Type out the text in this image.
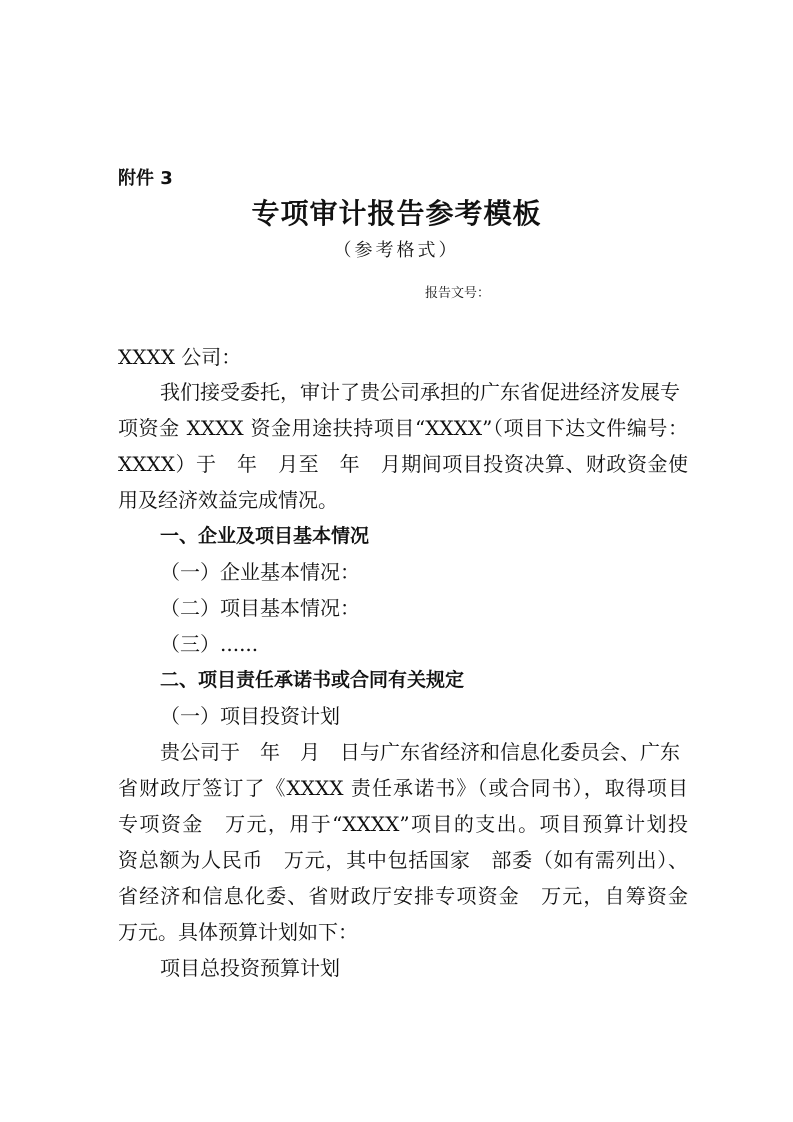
附件 3
专项审计报告参考模板
（参考格式）
报告文号：
XXXX 公司：
我们接受委托，审计了贵公司承担的广东省促进经济发展专
项资金 XXXX 资金用途扶持项目“XXXX”（项目下达文件编号：
XXXX）于　年　月至　年　月期间项目投资决算、财政资金使
用及经济效益完成情况。
一、企业及项目基本情况
（一）企业基本情况：
（二）项目基本情况：
（三）......
二、项目责任承诺书或合同有关规定
（一）项目投资计划
贵公司于　年　月　日与广东省经济和信息化委员会、广东
省财政厅签订了《XXXX 责任承诺书》（或合同书），取得项目
专项资金　万元，用于“XXXX”项目的支出。项目预算计划投
资总额为人民币　万元，其中包括国家　部委（如有需列出）、
省经济和信息化委、省财政厅安排专项资金　万元，自筹资金
万元。具体预算计划如下：
项目总投资预算计划
